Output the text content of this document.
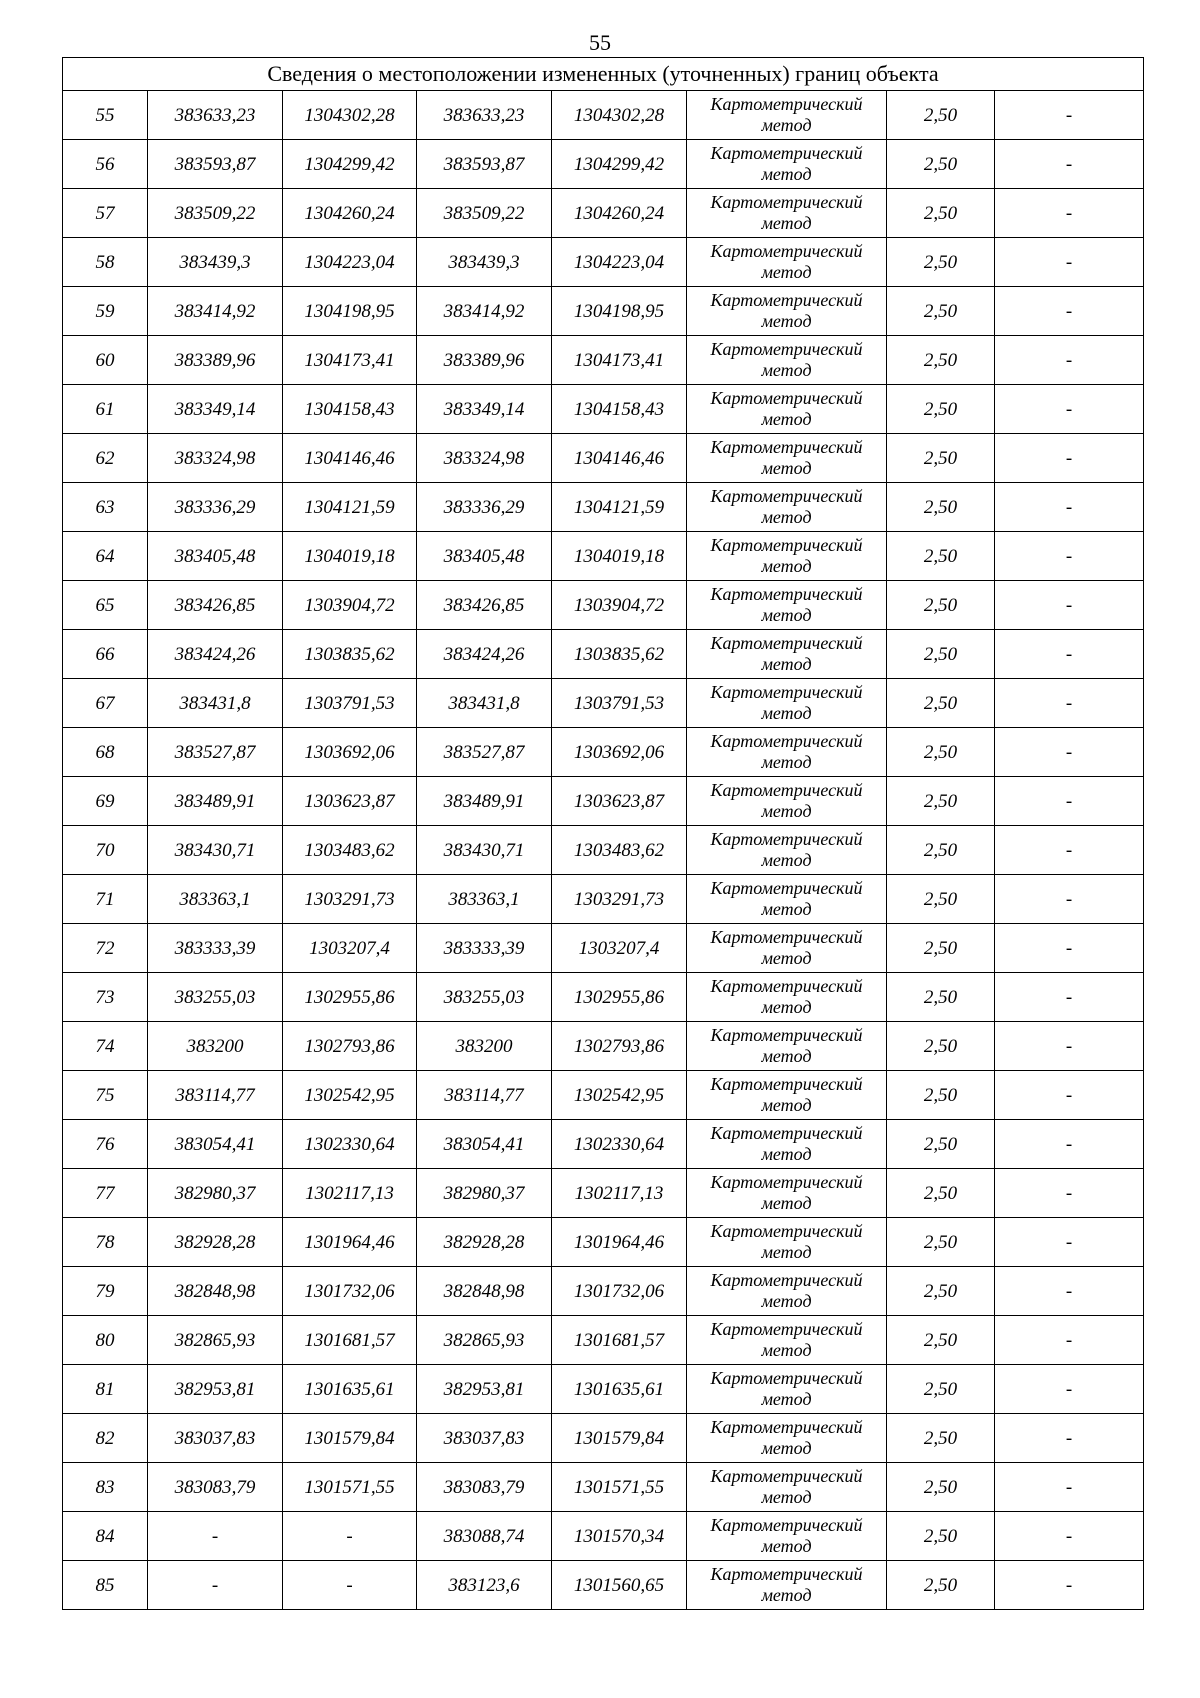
55
Сведения о местоположении измененных (уточненных) границ объекта							
55	383633,23	1304302,28	383633,23	1304302,28	Картометрический метод	2,50	-
56	383593,87	1304299,42	383593,87	1304299,42	Картометрический метод	2,50	-
57	383509,22	1304260,24	383509,22	1304260,24	Картометрический метод	2,50	-
58	383439,3	1304223,04	383439,3	1304223,04	Картометрический метод	2,50	-
59	383414,92	1304198,95	383414,92	1304198,95	Картометрический метод	2,50	-
60	383389,96	1304173,41	383389,96	1304173,41	Картометрический метод	2,50	-
61	383349,14	1304158,43	383349,14	1304158,43	Картометрический метод	2,50	-
62	383324,98	1304146,46	383324,98	1304146,46	Картометрический метод	2,50	-
63	383336,29	1304121,59	383336,29	1304121,59	Картометрический метод	2,50	-
64	383405,48	1304019,18	383405,48	1304019,18	Картометрический метод	2,50	-
65	383426,85	1303904,72	383426,85	1303904,72	Картометрический метод	2,50	-
66	383424,26	1303835,62	383424,26	1303835,62	Картометрический метод	2,50	-
67	383431,8	1303791,53	383431,8	1303791,53	Картометрический метод	2,50	-
68	383527,87	1303692,06	383527,87	1303692,06	Картометрический метод	2,50	-
69	383489,91	1303623,87	383489,91	1303623,87	Картометрический метод	2,50	-
70	383430,71	1303483,62	383430,71	1303483,62	Картометрический метод	2,50	-
71	383363,1	1303291,73	383363,1	1303291,73	Картометрический метод	2,50	-
72	383333,39	1303207,4	383333,39	1303207,4	Картометрический метод	2,50	-
73	383255,03	1302955,86	383255,03	1302955,86	Картометрический метод	2,50	-
74	383200	1302793,86	383200	1302793,86	Картометрический метод	2,50	-
75	383114,77	1302542,95	383114,77	1302542,95	Картометрический метод	2,50	-
76	383054,41	1302330,64	383054,41	1302330,64	Картометрический метод	2,50	-
77	382980,37	1302117,13	382980,37	1302117,13	Картометрический метод	2,50	-
78	382928,28	1301964,46	382928,28	1301964,46	Картометрический метод	2,50	-
79	382848,98	1301732,06	382848,98	1301732,06	Картометрический метод	2,50	-
80	382865,93	1301681,57	382865,93	1301681,57	Картометрический метод	2,50	-
81	382953,81	1301635,61	382953,81	1301635,61	Картометрический метод	2,50	-
82	383037,83	1301579,84	383037,83	1301579,84	Картометрический метод	2,50	-
83	383083,79	1301571,55	383083,79	1301571,55	Картометрический метод	2,50	-
84	-	-	383088,74	1301570,34	Картометрический метод	2,50	-
85	-	-	383123,6	1301560,65	Картометрический метод	2,50	-
